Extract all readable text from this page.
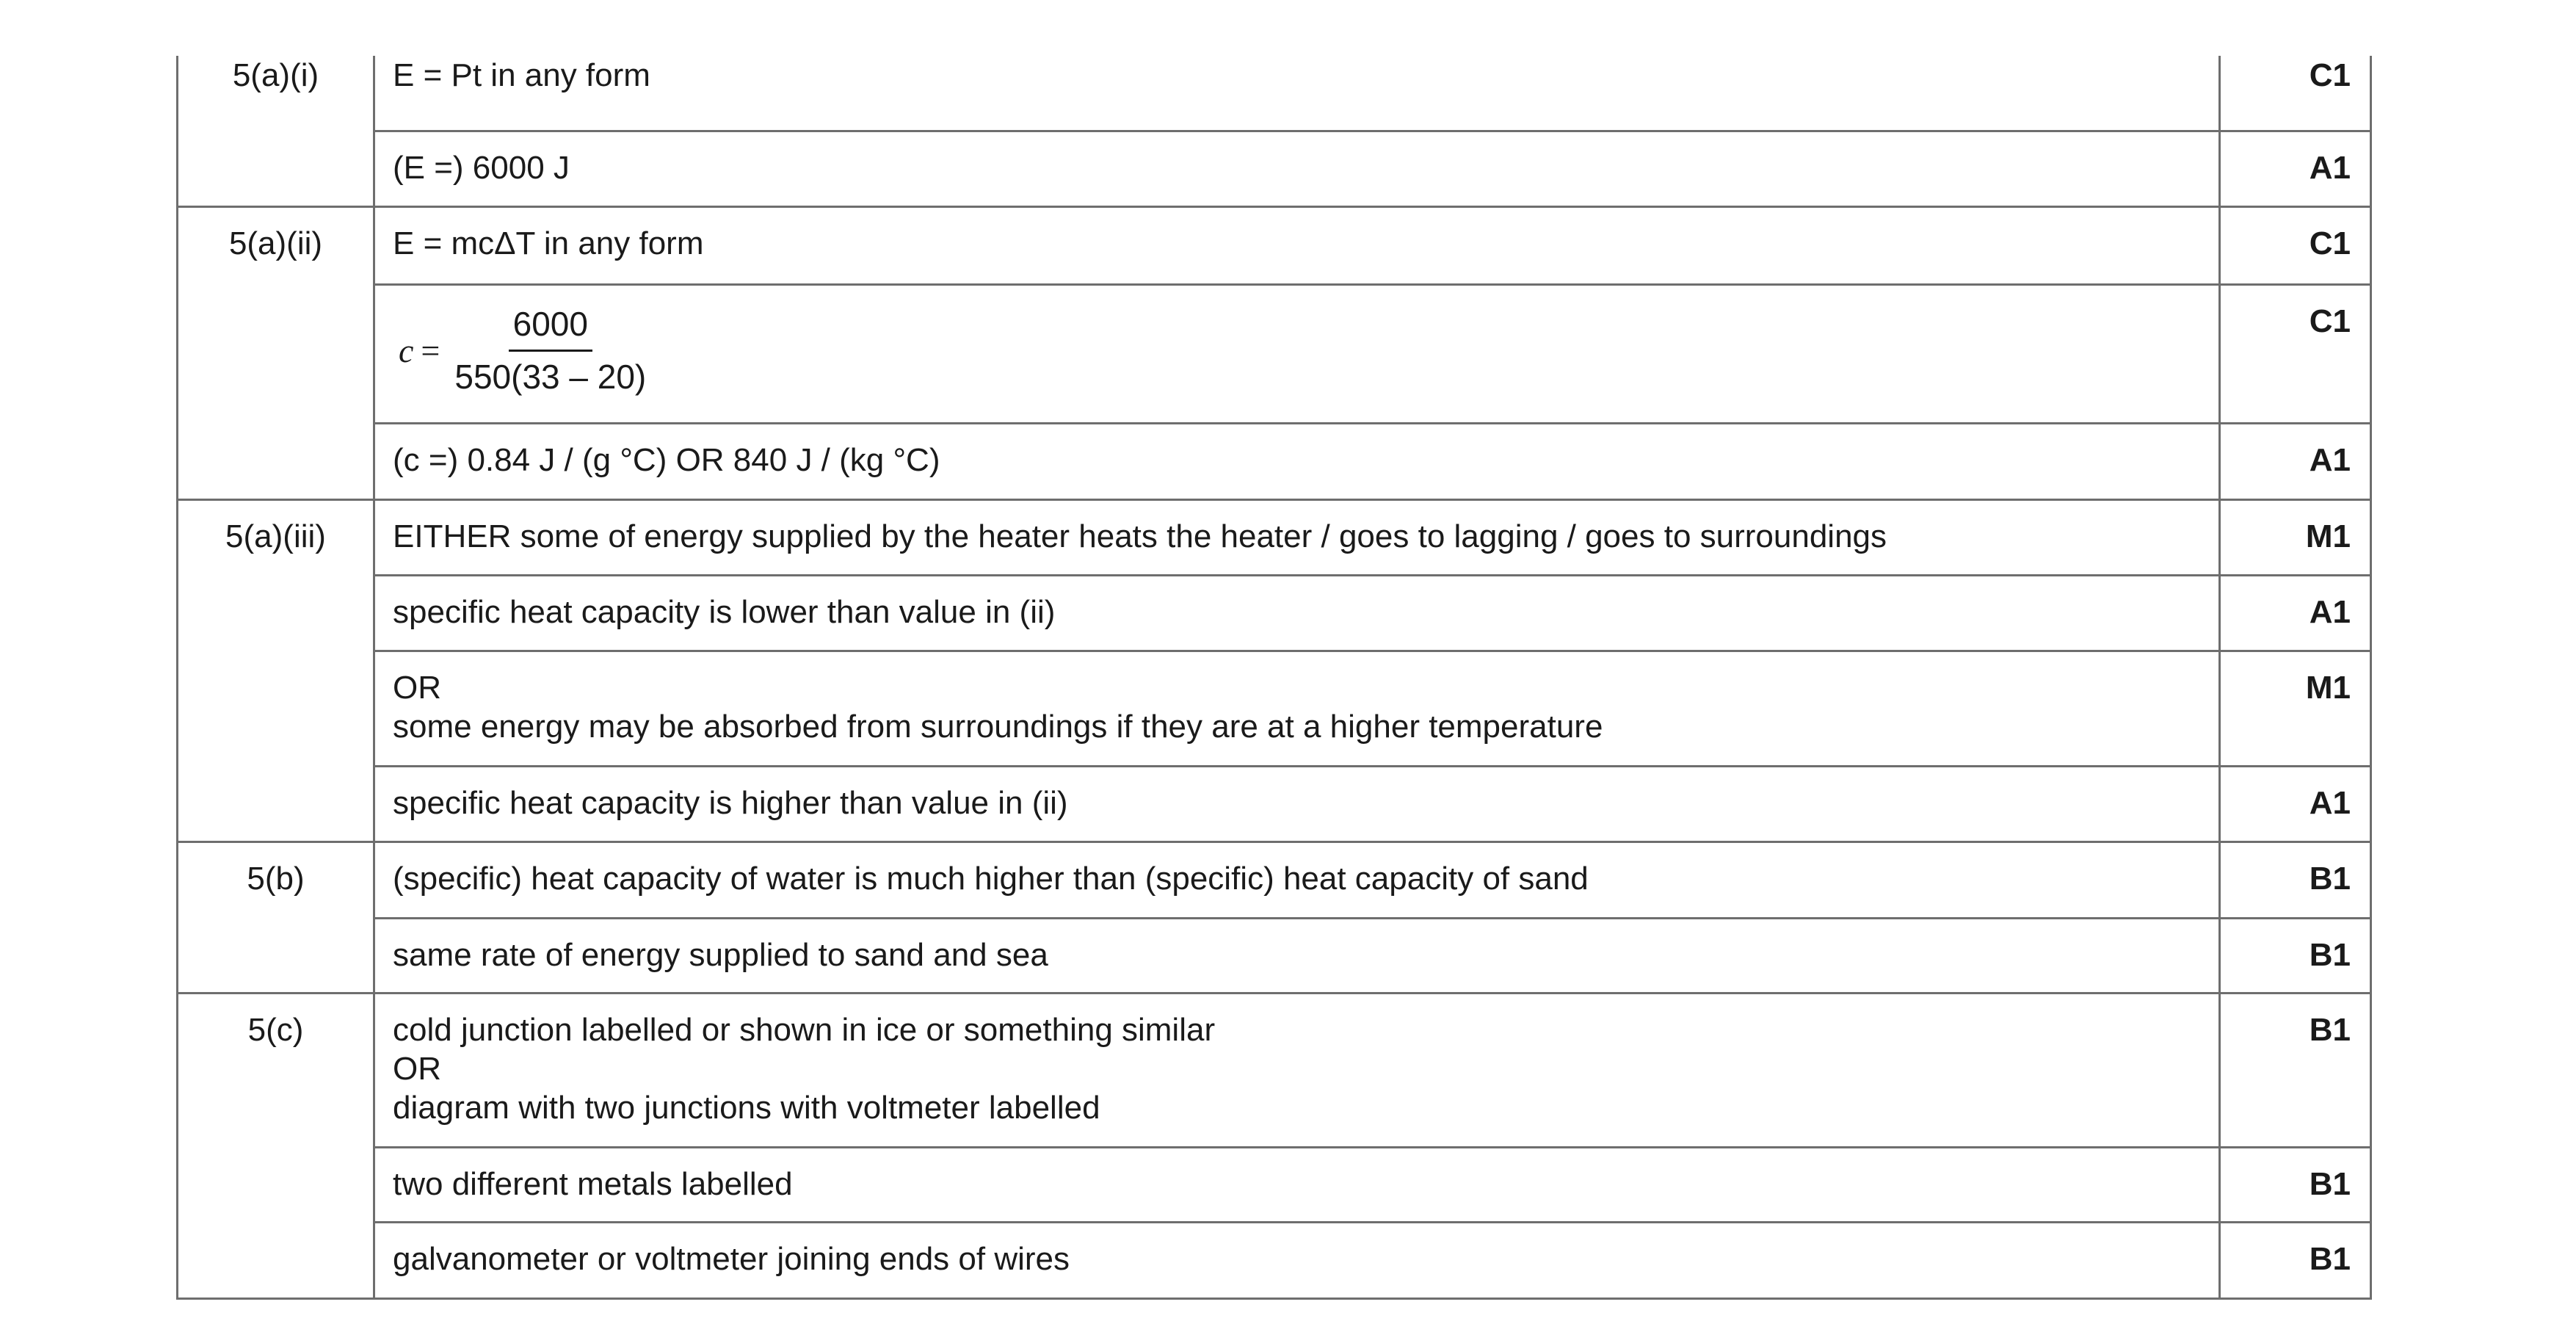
5(a)(i)	E = Pt in any form	C1

	(E =) 6000 J	A1
5(a)(ii)	E = mcΔT in any form	C1

	$c = \frac{6000}{550(33 - 20)}$	C1

	(c =) 0.84 J / (g °C) OR 840 J / (kg °C)	A1
5(a)(iii)	EITHER some of energy supplied by the heater heats the heater / goes to lagging / goes to surroundings	M1

	specific heat capacity is lower than value in (ii)	A1

	OR
some energy may be absorbed from surroundings if they are at a higher temperature	M1

	specific heat capacity is higher than value in (ii)	A1
5(b)	(specific) heat capacity of water is much higher than (specific) heat capacity of sand	B1

	same rate of energy supplied to sand and sea	B1
5(c)	cold junction labelled or shown in ice or something similar
OR
diagram with two junctions with voltmeter labelled	B1

	two different metals labelled	B1

	galvanometer or voltmeter joining ends of wires	B1
